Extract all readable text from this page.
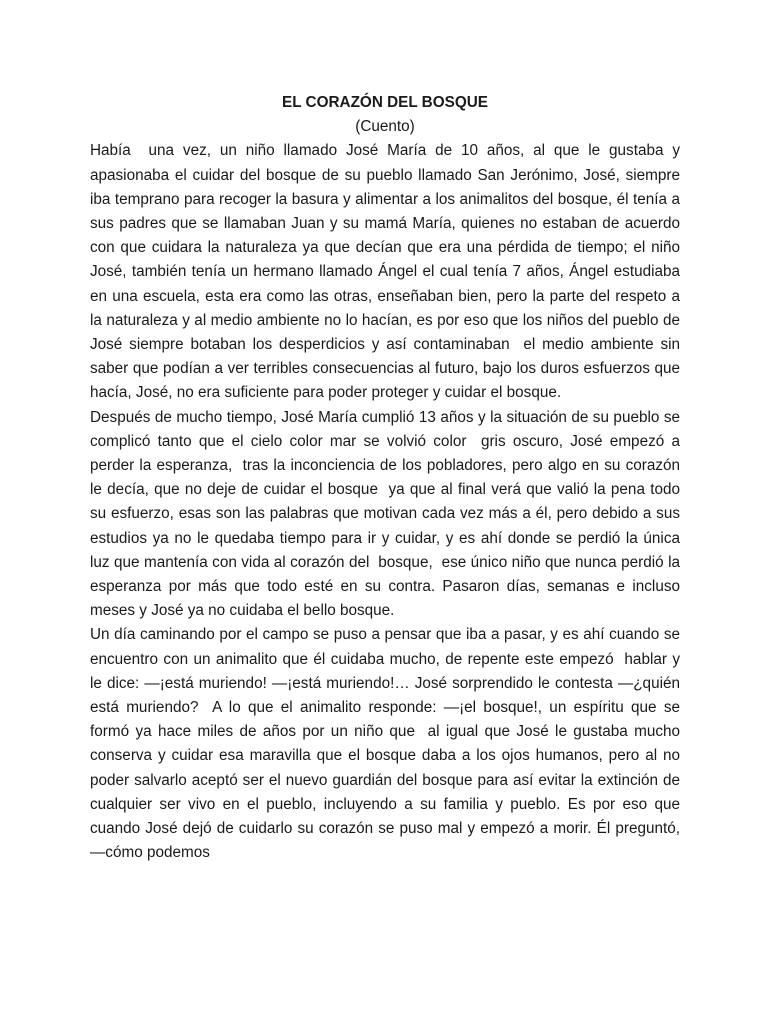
EL CORAZÓN DEL BOSQUE

(Cuento)

Había  una vez, un niño llamado José María de 10 años, al que le gustaba y apasionaba el cuidar del bosque de su pueblo llamado San Jerónimo, José, siempre iba temprano para recoger la basura y alimentar a los animalitos del bosque, él tenía a sus padres que se llamaban Juan y su mamá María, quienes no estaban de acuerdo con que cuidara la naturaleza ya que decían que era una pérdida de tiempo; el niño José, también tenía un hermano llamado Ángel el cual tenía 7 años, Ángel estudiaba en una escuela, esta era como las otras, enseñaban bien, pero la parte del respeto a la naturaleza y al medio ambiente no lo hacían, es por eso que los niños del pueblo de José siempre botaban los desperdicios y así contaminaban  el medio ambiente sin saber que podían a ver terribles consecuencias al futuro, bajo los duros esfuerzos que hacía, José, no era suficiente para poder proteger y cuidar el bosque.

Después de mucho tiempo, José María cumplió 13 años y la situación de su pueblo se complicó tanto que el cielo color mar se volvió color  gris oscuro, José empezó a perder la esperanza,  tras la inconciencia de los pobladores, pero algo en su corazón le decía, que no deje de cuidar el bosque  ya que al final verá que valió la pena todo su esfuerzo, esas son las palabras que motivan cada vez más a él, pero debido a sus estudios ya no le quedaba tiempo para ir y cuidar, y es ahí donde se perdió la única luz que mantenía con vida al corazón del  bosque,  ese único niño que nunca perdió la esperanza por más que todo esté en su contra. Pasaron días, semanas e incluso meses y José ya no cuidaba el bello bosque.

Un día caminando por el campo se puso a pensar que iba a pasar, y es ahí cuando se encuentro con un animalito que él cuidaba mucho, de repente este empezó  hablar y le dice: —¡está muriendo! —¡está muriendo!… José sorprendido le contesta —¿quién está muriendo?  A lo que el animalito responde: —¡el bosque!, un espíritu que se formó ya hace miles de años por un niño que  al igual que José le gustaba mucho conserva y cuidar esa maravilla que el bosque daba a los ojos humanos, pero al no poder salvarlo aceptó ser el nuevo guardián del bosque para así evitar la extinción de cualquier ser vivo en el pueblo, incluyendo a su familia y pueblo. Es por eso que cuando José dejó de cuidarlo su corazón se puso mal y empezó a morir. Él preguntó, —cómo podemos
